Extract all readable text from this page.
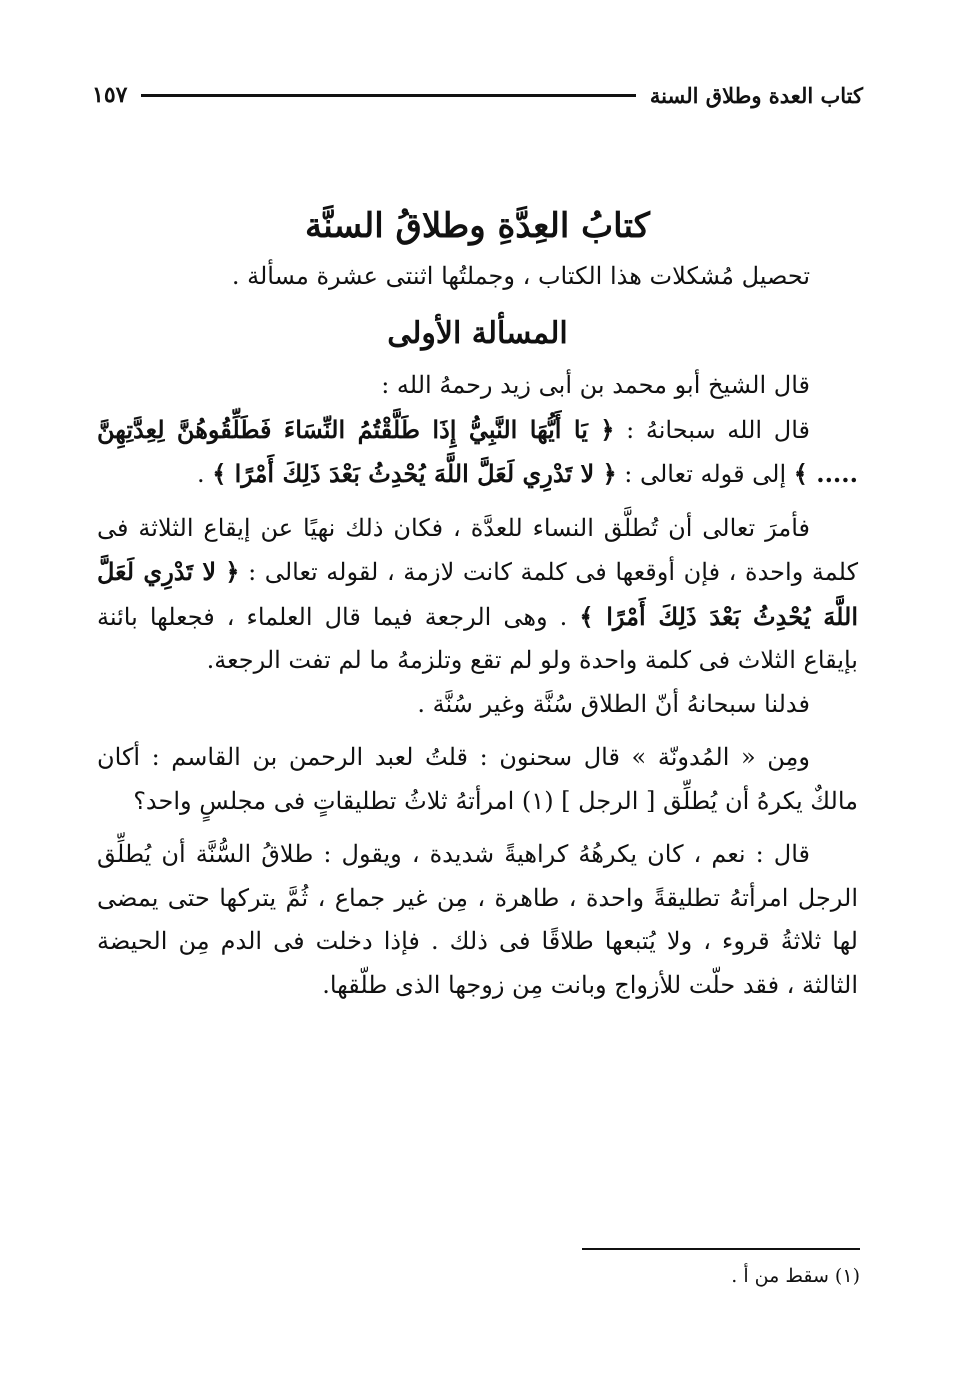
كتاب العدة وطلاق السنة
١٥٧
كتابُ العِدَّةِ وطلاقُ السنَّة

تحصيل مُشكلات هذا الكتاب ، وجملتُها اثنتى عشرة مسألة .

المسألة الأولى

قال الشيخ أبو محمد بن أبى زيد رحمهُ الله :

قال الله سبحانهُ : ﴿ يَا أَيُّهَا النَّبِيُّ إِذَا طَلَّقْتُمُ النِّسَاءَ فَطَلِّقُوهُنَّ لِعِدَّتِهِنَّ ..... ﴾ إلى قوله تعالى : ﴿ لا تَدْرِي لَعَلَّ اللَّهَ يُحْدِثُ بَعْدَ ذَلِكَ أَمْرًا ﴾ .

فأمرَ تعالى أن تُطلَّق النساء للعدَّة ، فكان ذلك نهيًا عن إيقاع الثلاثة فى كلمة واحدة ، فإن أوقعها فى كلمة كانت لازمة ، لقوله تعالى : ﴿ لا تَدْرِي لَعَلَّ اللَّهَ يُحْدِثُ بَعْدَ ذَلِكَ أَمْرًا ﴾ . وهى الرجعة فيما قال العلماء ، فجعلها بائنة بإيقاع الثلاث فى كلمة واحدة ولو لم تقع وتلزمهُ ما لم تفت الرجعة.

فدلنا سبحانهُ أنّ الطلاق سُنَّة وغير سُنَّة .

ومِن « المُدونّة » قال سحنون : قلتُ لعبد الرحمن بن القاسم : أكان مالكٌ يكرهُ أن يُطلِّق [ الرجل ] (١) امرأتهُ ثلاثُ تطليقاتٍ فى مجلسٍ واحد؟

قال : نعم ، كان يكرهُهُ كراهيةً شديدة ، ويقول : طلاقُ السُّنَّة أن يُطلِّق الرجل امرأتهُ تطليقةً واحدة ، طاهرة ، مِن غير جماع ، ثُمَّ يتركها حتى يمضى لها ثلاثةُ قروء ، ولا يُتبعها طلاقًا فى ذلك . فإذا دخلت فى الدم مِن الحيضة الثالثة ، فقد حلّت للأزواج وبانت مِن زوجها الذى طلّقها.

(١) سقط من أ .
